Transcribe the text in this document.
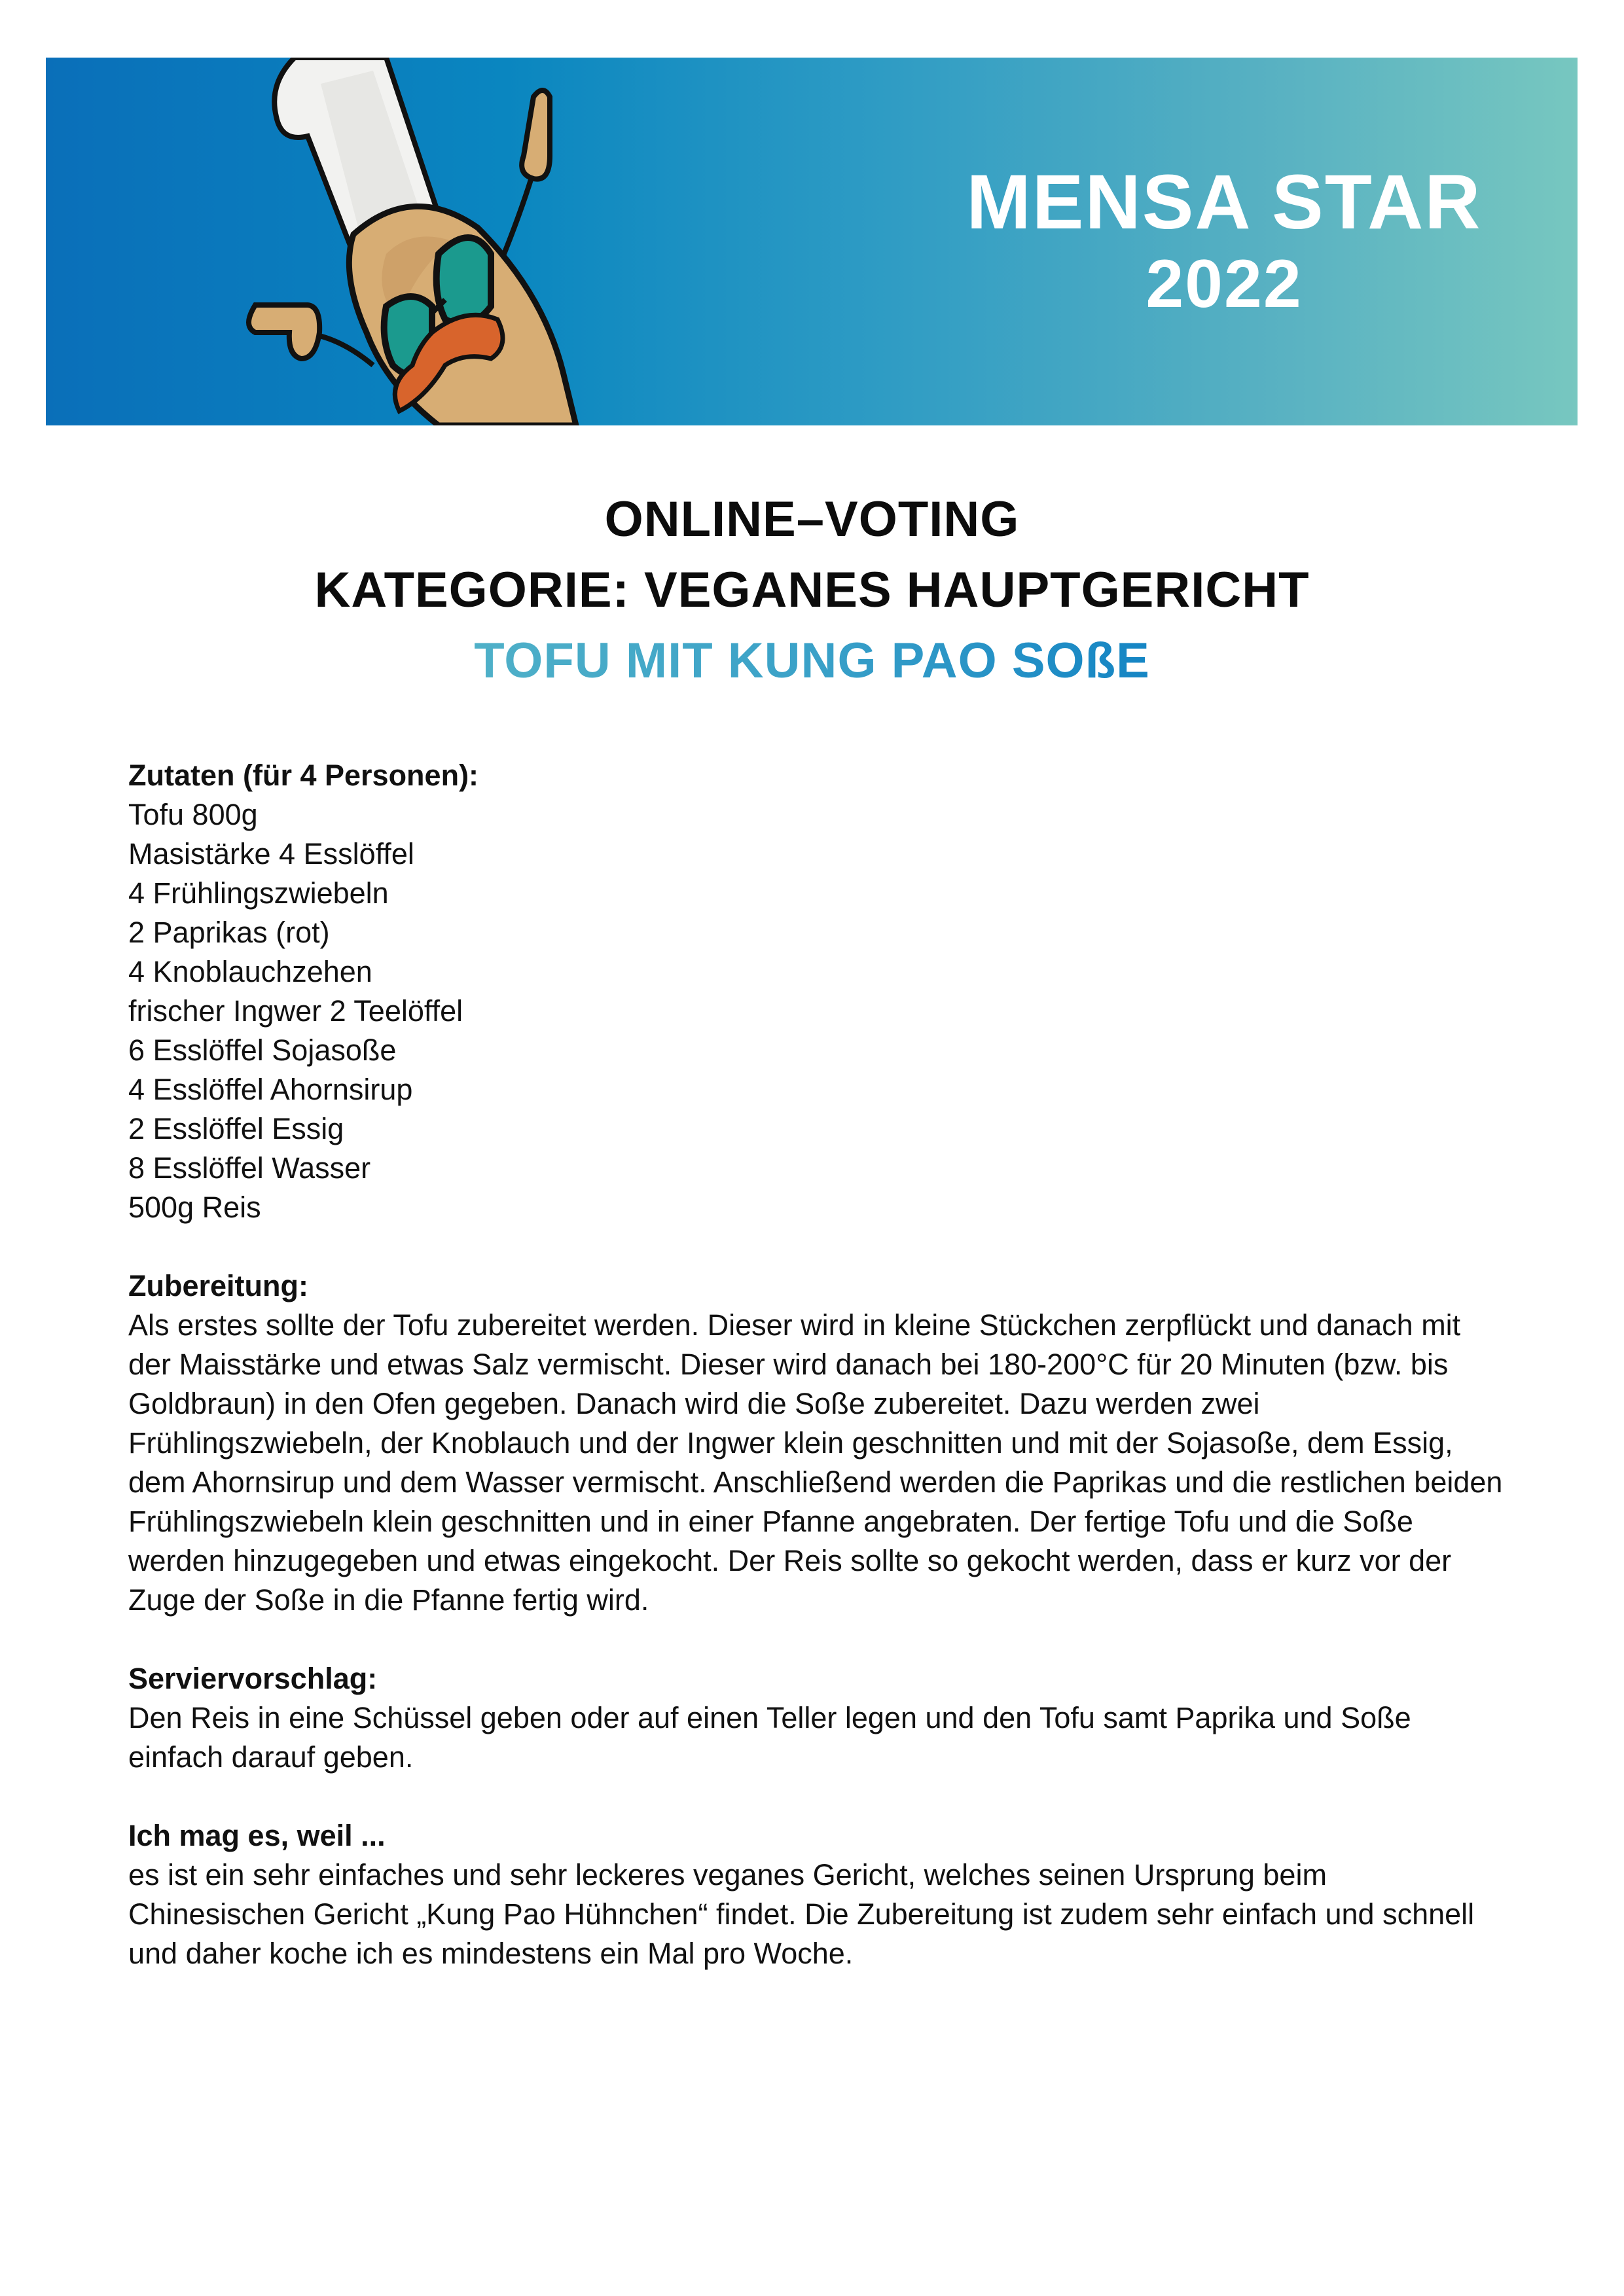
MENSA STAR
2022
ONLINE–VOTING
KATEGORIE: VEGANES HAUPTGERICHT
TOFU MIT KUNG PAO SOßE
Zutaten (für 4 Personen):
Tofu 800g
Masistärke 4 Esslöffel
4 Frühlingszwiebeln
2 Paprikas (rot)
4 Knoblauchzehen
frischer Ingwer 2 Teelöffel
6 Esslöffel Sojasoße
4 Esslöffel Ahornsirup
2 Esslöffel Essig
8 Esslöffel Wasser
500g Reis
Zubereitung:

Als erstes sollte der Tofu zubereitet werden. Dieser wird in kleine Stückchen zerpflückt und danach mit der Maisstärke und etwas Salz vermischt. Dieser wird danach bei 180-200°C für 20 Minuten (bzw. bis Goldbraun) in den Ofen gegeben. Danach wird die Soße zubereitet. Dazu werden zwei Frühlingszwiebeln, der Knoblauch und der Ingwer klein geschnitten und mit der Sojasoße, dem Essig, dem Ahornsirup und dem Wasser vermischt. Anschließend werden die Paprikas und die restlichen beiden Frühlingszwiebeln klein geschnitten und in einer Pfanne angebraten. Der fertige Tofu und die Soße werden hinzugegeben und etwas eingekocht. Der Reis sollte so gekocht werden, dass er kurz vor der Zuge der Soße in die Pfanne fertig wird.

Serviervorschlag:

Den Reis in eine Schüssel geben oder auf einen Teller legen und den Tofu samt Paprika und Soße einfach darauf geben.

Ich mag es, weil ...

es ist ein sehr einfaches und sehr leckeres veganes Gericht, welches seinen Ursprung beim Chinesischen Gericht „Kung Pao Hühnchen“ findet. Die Zubereitung ist zudem sehr einfach und schnell und daher koche ich es mindestens ein Mal pro Woche.
